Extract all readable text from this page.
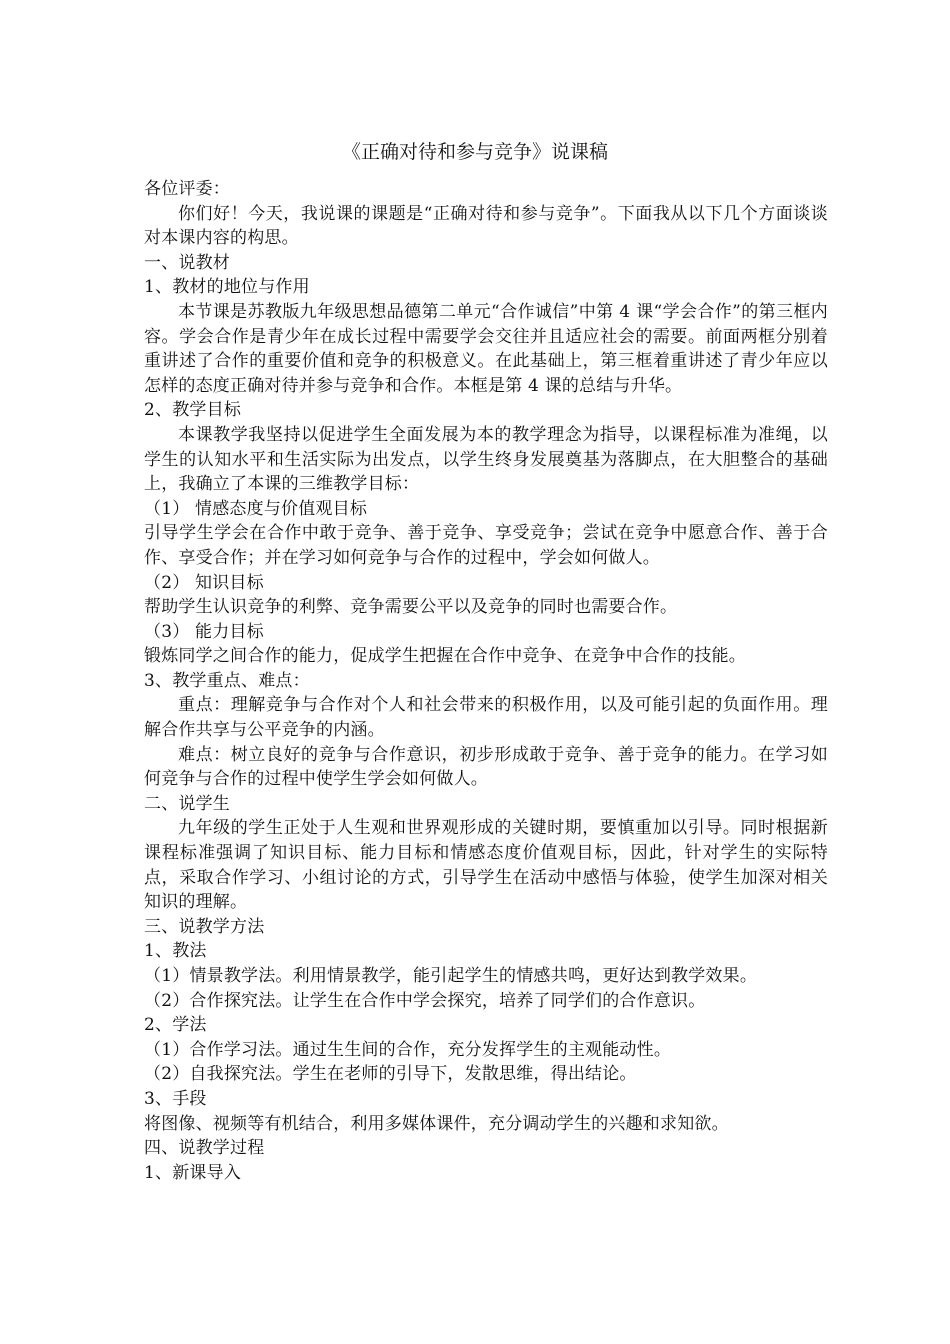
《正确对待和参与竞争》说课稿

各位评委：

你们好！今天，我说课的课题是“正确对待和参与竞争”。下面我从以下几个方面谈谈对本课内容的构思。

一、说教材

1、教材的地位与作用

本节课是苏教版九年级思想品德第二单元“合作诚信”中第 4 课“学会合作”的第三框内容。学会合作是青少年在成长过程中需要学会交往并且适应社会的需要。前面两框分别着重讲述了合作的重要价值和竞争的积极意义。在此基础上，第三框着重讲述了青少年应以怎样的态度正确对待并参与竞争和合作。本框是第 4 课的总结与升华。

2、教学目标

本课教学我坚持以促进学生全面发展为本的教学理念为指导，以课程标准为准绳，以学生的认知水平和生活实际为出发点，以学生终身发展奠基为落脚点，在大胆整合的基础上，我确立了本课的三维教学目标：

（1） 情感态度与价值观目标

引导学生学会在合作中敢于竞争、善于竞争、享受竞争；尝试在竞争中愿意合作、善于合作、享受合作；并在学习如何竞争与合作的过程中，学会如何做人。

（2） 知识目标

帮助学生认识竞争的利弊、竞争需要公平以及竞争的同时也需要合作。

（3） 能力目标

锻炼同学之间合作的能力，促成学生把握在合作中竞争、在竞争中合作的技能。

3、教学重点、难点：

重点：理解竞争与合作对个人和社会带来的积极作用，以及可能引起的负面作用。理解合作共享与公平竞争的内涵。

难点：树立良好的竞争与合作意识，初步形成敢于竞争、善于竞争的能力。在学习如何竞争与合作的过程中使学生学会如何做人。

二、说学生

九年级的学生正处于人生观和世界观形成的关键时期，要慎重加以引导。同时根据新课程标准强调了知识目标、能力目标和情感态度价值观目标，因此，针对学生的实际特点，采取合作学习、小组讨论的方式，引导学生在活动中感悟与体验，使学生加深对相关知识的理解。

三、说教学方法

1、教法

（1）情景教学法。利用情景教学，能引起学生的情感共鸣，更好达到教学效果。

（2）合作探究法。让学生在合作中学会探究，培养了同学们的合作意识。

2、学法

（1）合作学习法。通过生生间的合作，充分发挥学生的主观能动性。

（2）自我探究法。学生在老师的引导下，发散思维，得出结论。

3、手段

将图像、视频等有机结合，利用多媒体课件，充分调动学生的兴趣和求知欲。

四、说教学过程

1、新课导入
